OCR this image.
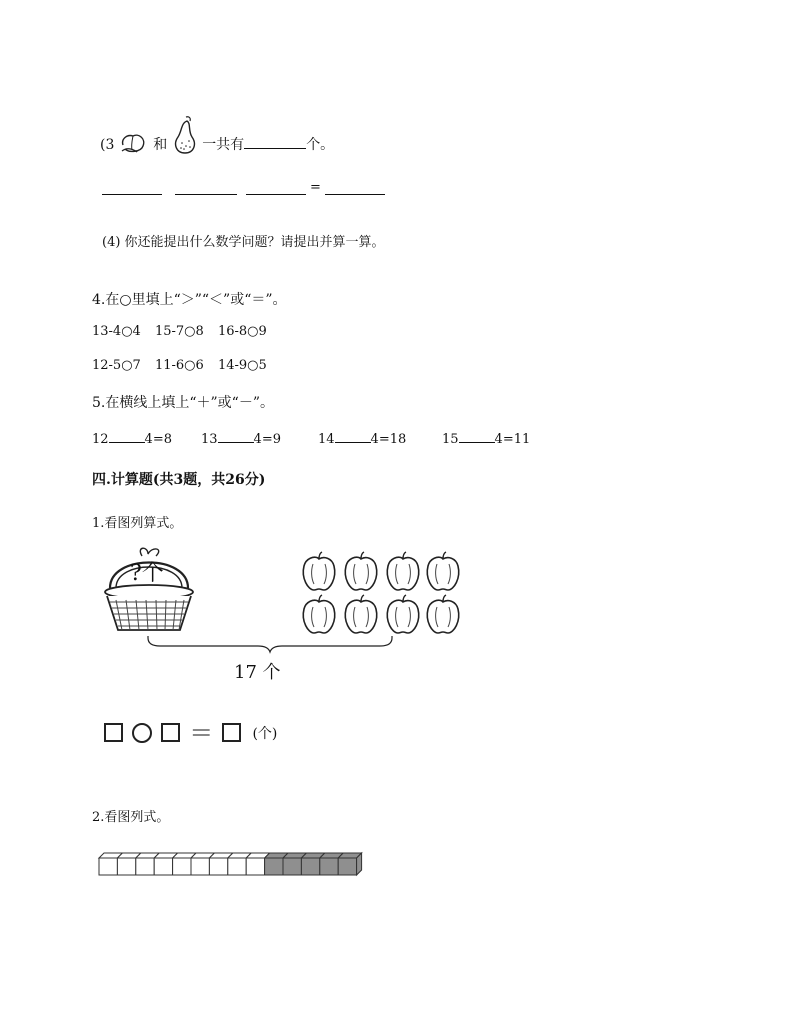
(3	和 一共有	个。
=
(4) 你还能提出什么数学问题？请提出并算一算。
4.在○里填上“＞”“＜”或“＝”。
13-4○4 15-7○8 16-8○9
12-5○7 11-6○6 14-9○5
5.在横线上填上“＋”或“－”。
12	4=8 13	4=9	14	4=18	15	4=11
四.计算题(共3题，共26分)
1.看图列算式。
?个
17 个
＝	(个)
2.看图列式。
